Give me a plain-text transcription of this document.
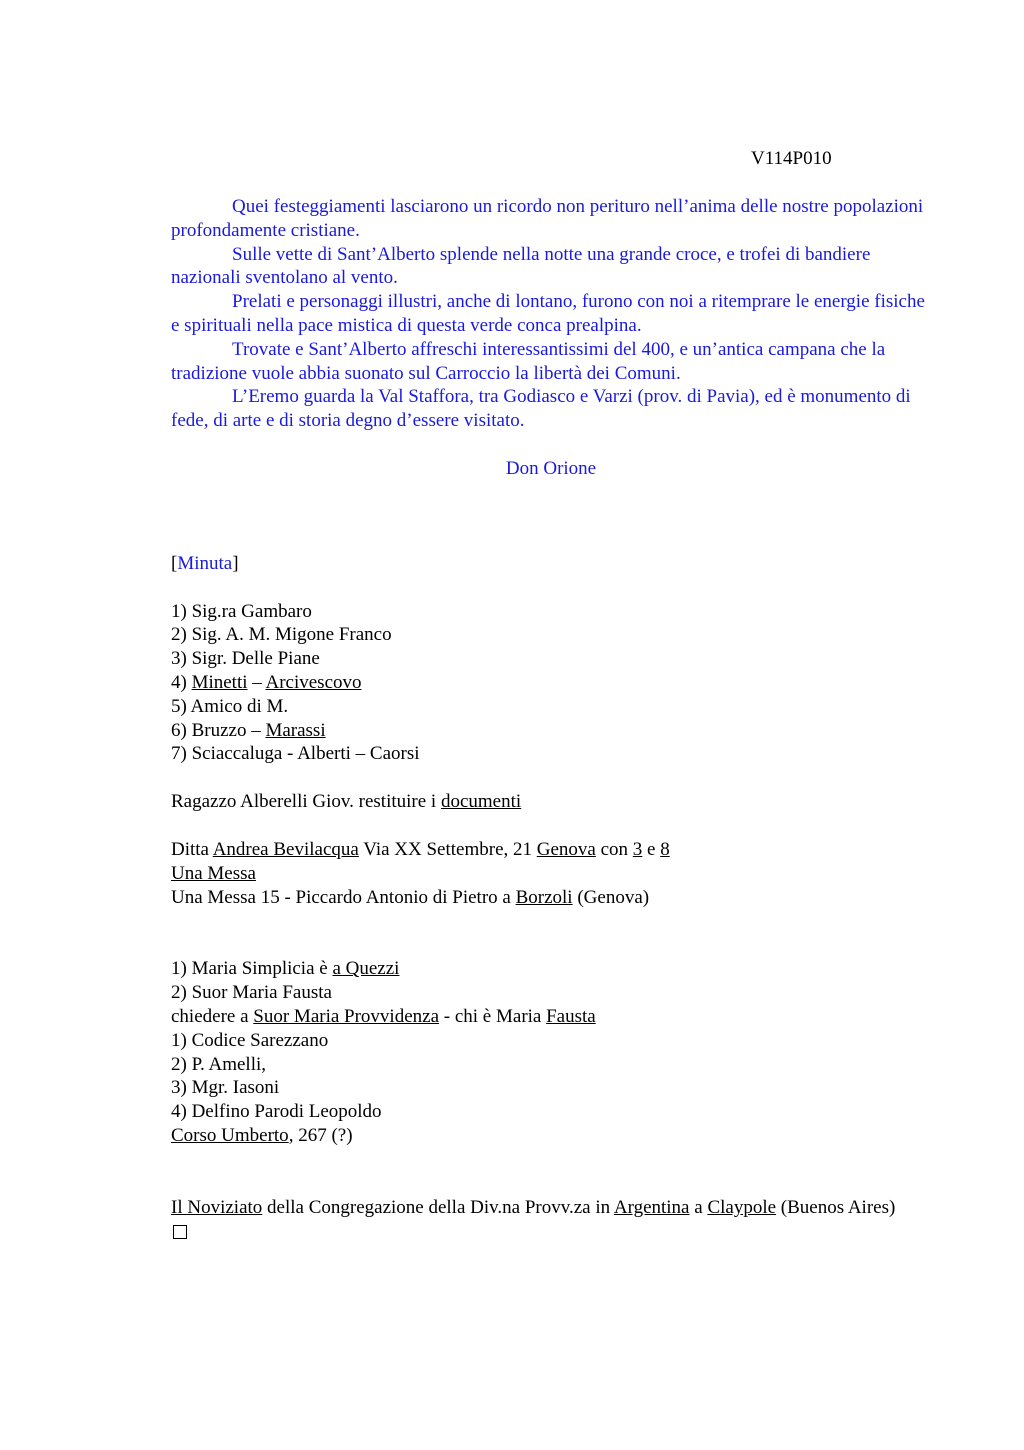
V114P010

Quei festeggiamenti lasciarono un ricordo non perituro nell’anima delle nostre popolazioni profondamente cristiane.

Sulle vette di Sant’Alberto splende nella notte una grande croce, e trofei di bandiere nazionali sventolano al vento.

Prelati e personaggi illustri, anche di lontano, furono con noi a ritemprare le energie fisiche e spirituali nella pace mistica di questa verde conca prealpina.

Trovate e Sant’Alberto affreschi interessantissimi del 400, e un’antica campana che la tradizione vuole abbia suonato sul Carroccio la libertà dei Comuni.

L’Eremo guarda la Val Staffora, tra Godiasco e Varzi (prov. di Pavia), ed è monumento di fede, di arte e di storia degno d’essere visitato.

Don Orione

[Minuta]

1) Sig.ra Gambaro

2) Sig. A. M. Migone Franco

3) Sigr. Delle Piane

4) Minetti – Arcivescovo

5) Amico di M.

6) Bruzzo – Marassi

7) Sciaccaluga - Alberti – Caorsi

Ragazzo Alberelli Giov. restituire i documenti

Ditta Andrea Bevilacqua Via XX Settembre, 21 Genova con 3 e 8

Una Messa

Una Messa 15 - Piccardo Antonio di Pietro a Borzoli (Genova)

1) Maria Simplicia è a Quezzi

2) Suor Maria Fausta

chiedere a Suor Maria Provvidenza - chi è Maria Fausta

1) Codice Sarezzano

2) P. Amelli,

3) Mgr. Iasoni

4) Delfino Parodi Leopoldo

Corso Umberto, 267 (?)

Il Noviziato della Congregazione della Div.na Provv.za in Argentina a Claypole (Buenos Aires)
